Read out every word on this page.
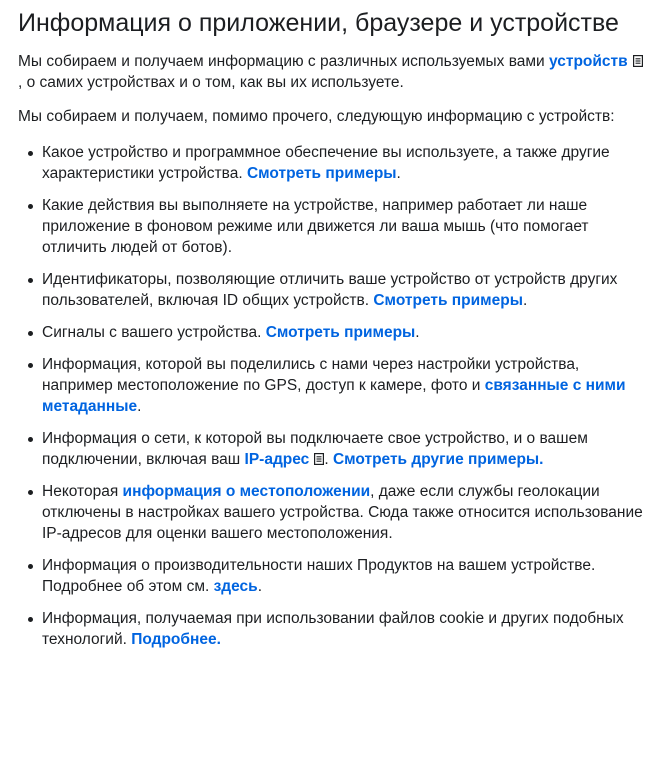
Информация о приложении, браузере и устройстве

Мы собираем и получаем информацию с различных используемых вами устройств, о самих устройствах и о том, как вы их используете.

Мы собираем и получаем, помимо прочего, следующую информацию с устройств:

Какое устройство и программное обеспечение вы используете, а также другие характеристики устройства. Смотреть примеры.
Какие действия вы выполняете на устройстве, например работает ли наше приложение в фоновом режиме или движется ли ваша мышь (что помогает отличить людей от ботов).
Идентификаторы, позволяющие отличить ваше устройство от устройств других пользователей, включая ID общих устройств. Смотреть примеры.
Сигналы с вашего устройства. Смотреть примеры.
Информация, которой вы поделились с нами через настройки устройства, например местоположение по GPS, доступ к камере, фото и связанные с ними метаданные.
Информация о сети, к которой вы подключаете свое устройство, и о вашем подключении, включая ваш IP-адрес . Смотреть другие примеры.
Некоторая информация о местоположении, даже если службы геолокации отключены в настройках вашего устройства. Сюда также относится использование IP-адресов для оценки вашего местоположения.
Информация о производительности наших Продуктов на вашем устройстве. Подробнее об этом см. здесь.
Информация, получаемая при использовании файлов cookie и других подобных технологий. Подробнее.
